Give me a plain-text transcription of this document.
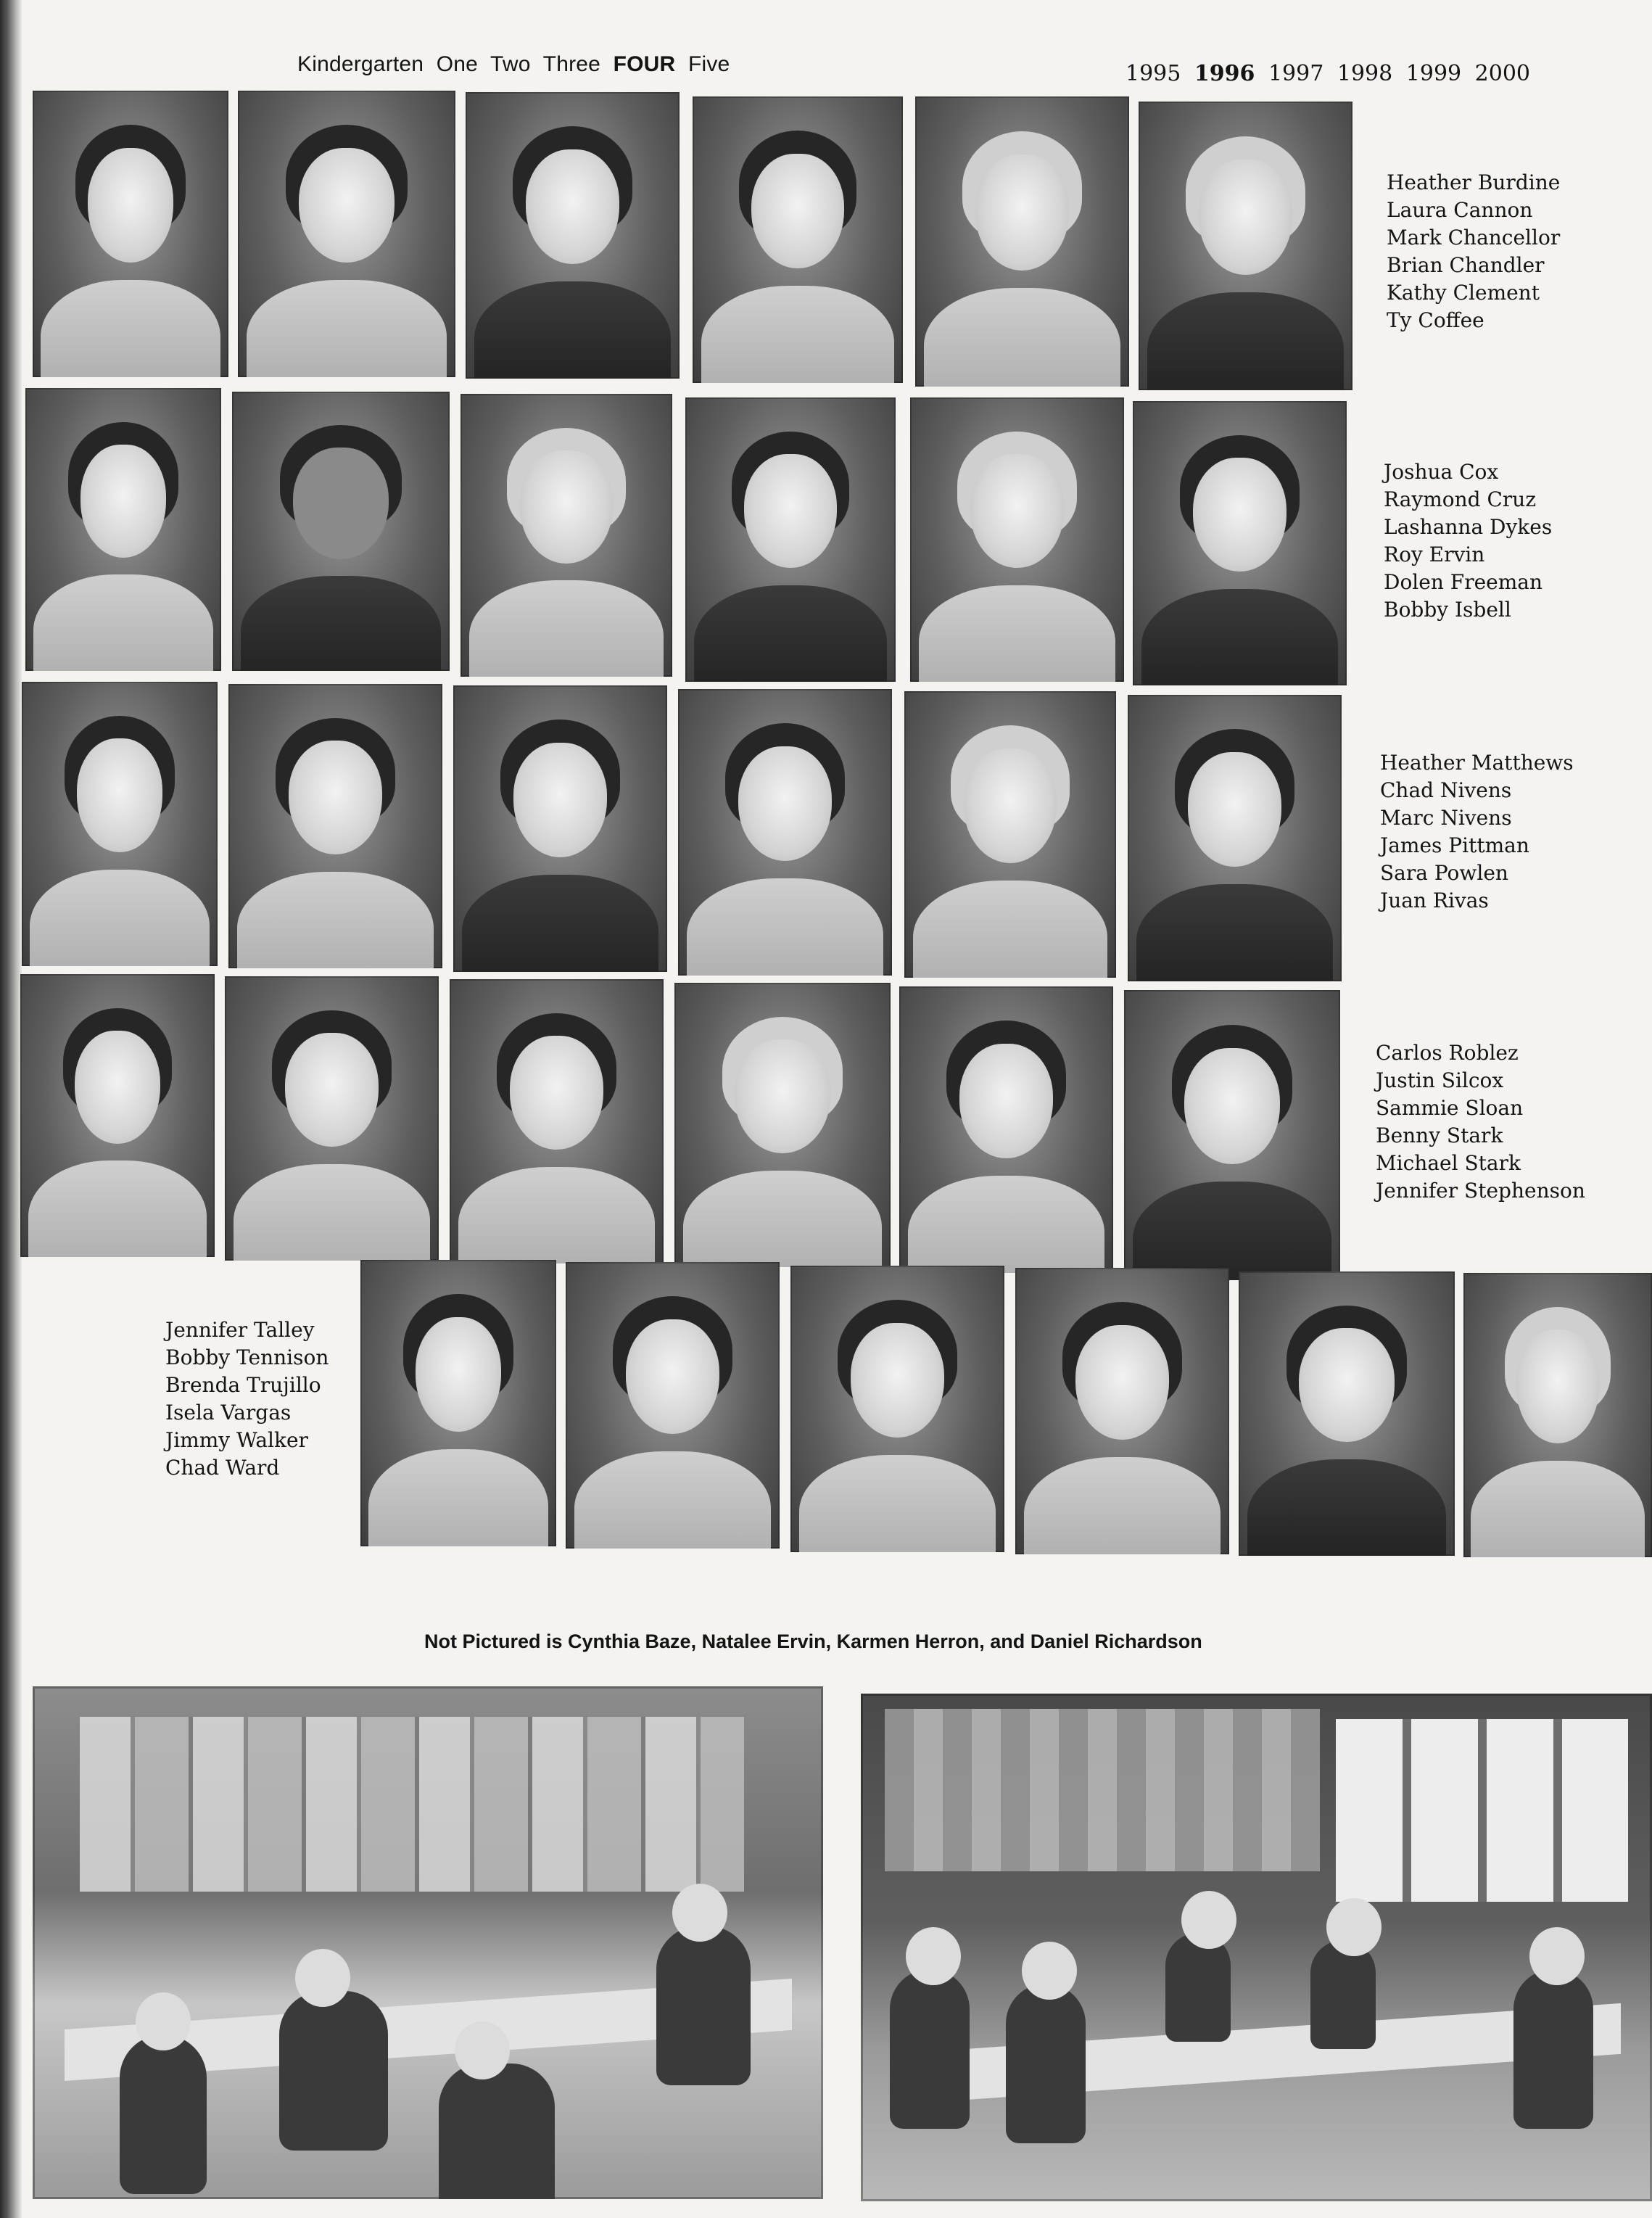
Kindergarten One Two Three FOUR Five	1995 1996 1997 1998 1999 2000
Heather Burdine
Laura Cannon
Mark Chancellor
Brian Chandler
Kathy Clement
Ty Coffee
Joshua Cox
Raymond Cruz
Lashanna Dykes
Roy Ervin
Dolen Freeman
Bobby Isbell
Heather Matthews
Chad Nivens
Marc Nivens
James Pittman
Sara Powlen
Juan Rivas
Carlos Roblez
Justin Silcox
Sammie Sloan
Benny Stark
Michael Stark
Jennifer Stephenson
Jennifer Talley
Bobby Tennison
Brenda Trujillo
Isela Vargas
Jimmy Walker
Chad Ward
Not Pictured is Cynthia Baze, Natalee Ervin, Karmen Herron, and Daniel Richardson
